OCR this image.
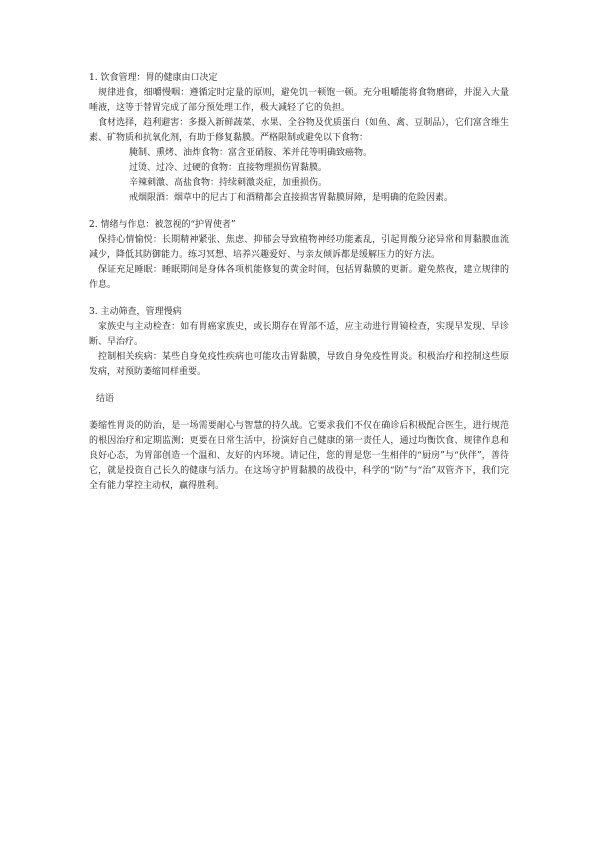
1. 饮食管理：胃的健康由口决定

规律进食，细嚼慢咽：遵循定时定量的原则，避免饥一顿饱一顿。充分咀嚼能将食物磨碎，并混入大量唾液，这等于替胃完成了部分预处理工作，极大减轻了它的负担。

食材选择，趋利避害：多摄入新鲜蔬菜、水果、全谷物及优质蛋白（如鱼、禽、豆制品），它们富含维生素、矿物质和抗氧化剂，有助于修复黏膜。严格限制或避免以下食物：

腌制、熏烤、油炸食物：富含亚硝胺、苯并芘等明确致癌物。
过烫、过冷、过硬的食物：直接物理损伤胃黏膜。
辛辣刺激、高盐食物：持续刺激炎症，加重损伤。
戒烟限酒：烟草中的尼古丁和酒精都会直接损害胃黏膜屏障，是明确的危险因素。
2. 情绪与作息：被忽视的“护胃使者”

保持心情愉悦：长期精神紧张、焦虑、抑郁会导致植物神经功能紊乱，引起胃酸分泌异常和胃黏膜血流减少，降低其防御能力。练习冥想、培养兴趣爱好、与亲友倾诉都是缓解压力的好方法。

保证充足睡眠：睡眠期间是身体各项机能修复的黄金时间，包括胃黏膜的更新。避免熬夜，建立规律的作息。

3. 主动筛查，管理慢病

家族史与主动检查：如有胃癌家族史，或长期存在胃部不适，应主动进行胃镜检查，实现早发现、早诊断、早治疗。

控制相关疾病：某些自身免疫性疾病也可能攻击胃黏膜，导致自身免疫性胃炎。积极治疗和控制这些原发病，对预防萎缩同样重要。

结语

萎缩性胃炎的防治，是一场需要耐心与智慧的持久战。它要求我们不仅在确诊后积极配合医生，进行规范的根因治疗和定期监测；更要在日常生活中，扮演好自己健康的第一责任人，通过均衡饮食、规律作息和良好心态，为胃部创造一个温和、友好的内环境。请记住，您的胃是您一生相伴的“厨房”与“伙伴”，善待它，就是投资自己长久的健康与活力。在这场守护胃黏膜的战役中，科学的“防”与“治”双管齐下，我们完全有能力掌控主动权，赢得胜利。
